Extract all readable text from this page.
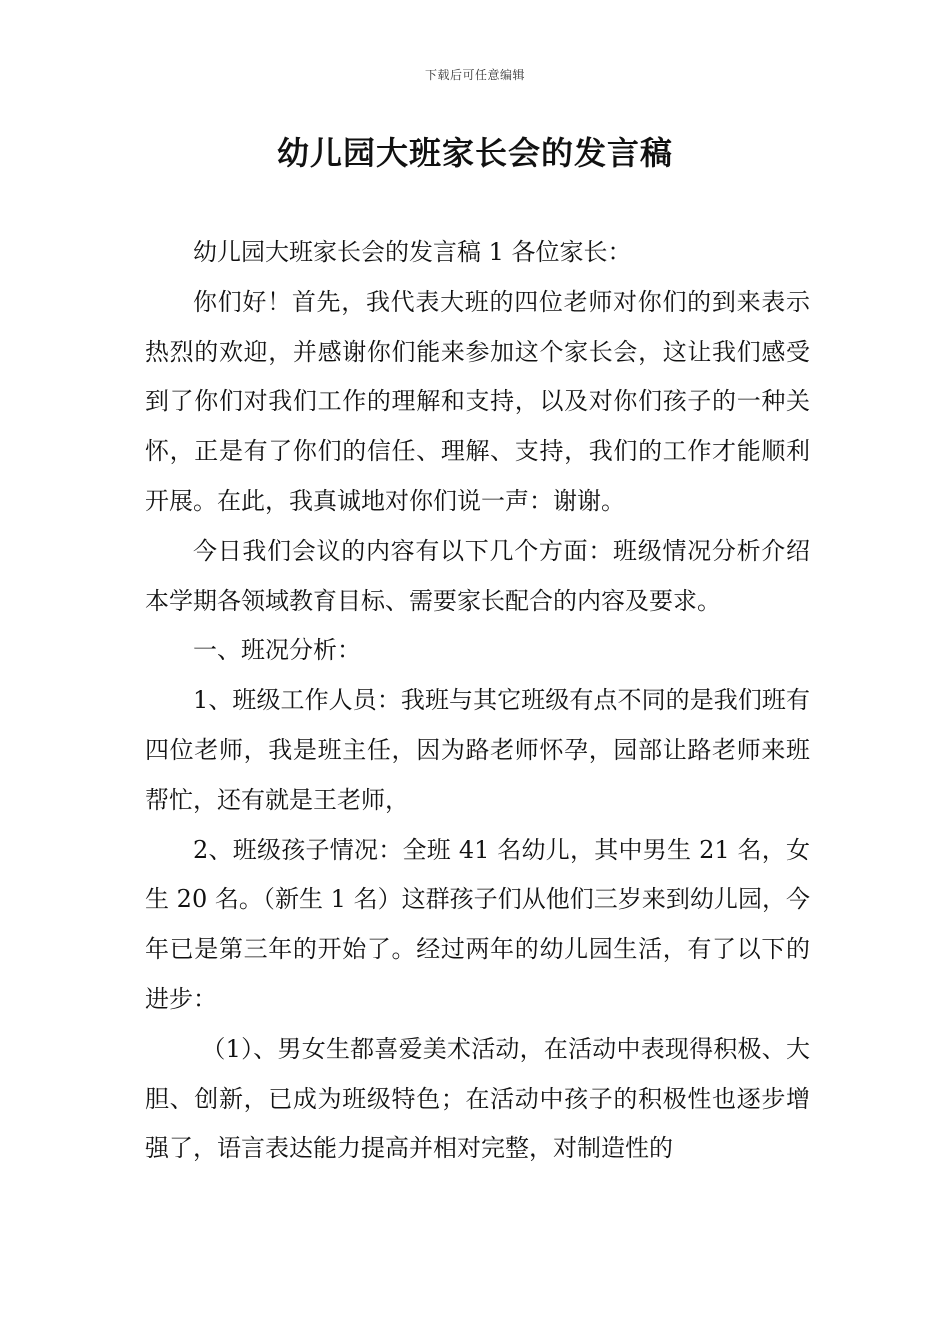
下载后可任意编辑
幼儿园大班家长会的发言稿

幼儿园大班家长会的发言稿 1 各位家长：

你们好！首先，我代表大班的四位老师对你们的到来表示热烈的欢迎，并感谢你们能来参加这个家长会，这让我们感受到了你们对我们工作的理解和支持，以及对你们孩子的一种关怀，正是有了你们的信任、理解、支持，我们的工作才能顺利开展。在此，我真诚地对你们说一声：谢谢。

今日我们会议的内容有以下几个方面：班级情况分析介绍本学期各领域教育目标、需要家长配合的内容及要求。

一、班况分析：

1、班级工作人员：我班与其它班级有点不同的是我们班有四位老师，我是班主任，因为路老师怀孕，园部让路老师来班帮忙，还有就是王老师，

2、班级孩子情况：全班 41 名幼儿，其中男生 21 名，女生 20 名。（新生 1 名）这群孩子们从他们三岁来到幼儿园，今年已是第三年的开始了。经过两年的幼儿园生活，有了以下的进步：

（1）、男女生都喜爱美术活动，在活动中表现得积极、大胆、创新，已成为班级特色；在活动中孩子的积极性也逐步增强了，语言表达能力提高并相对完整，对制造性的
